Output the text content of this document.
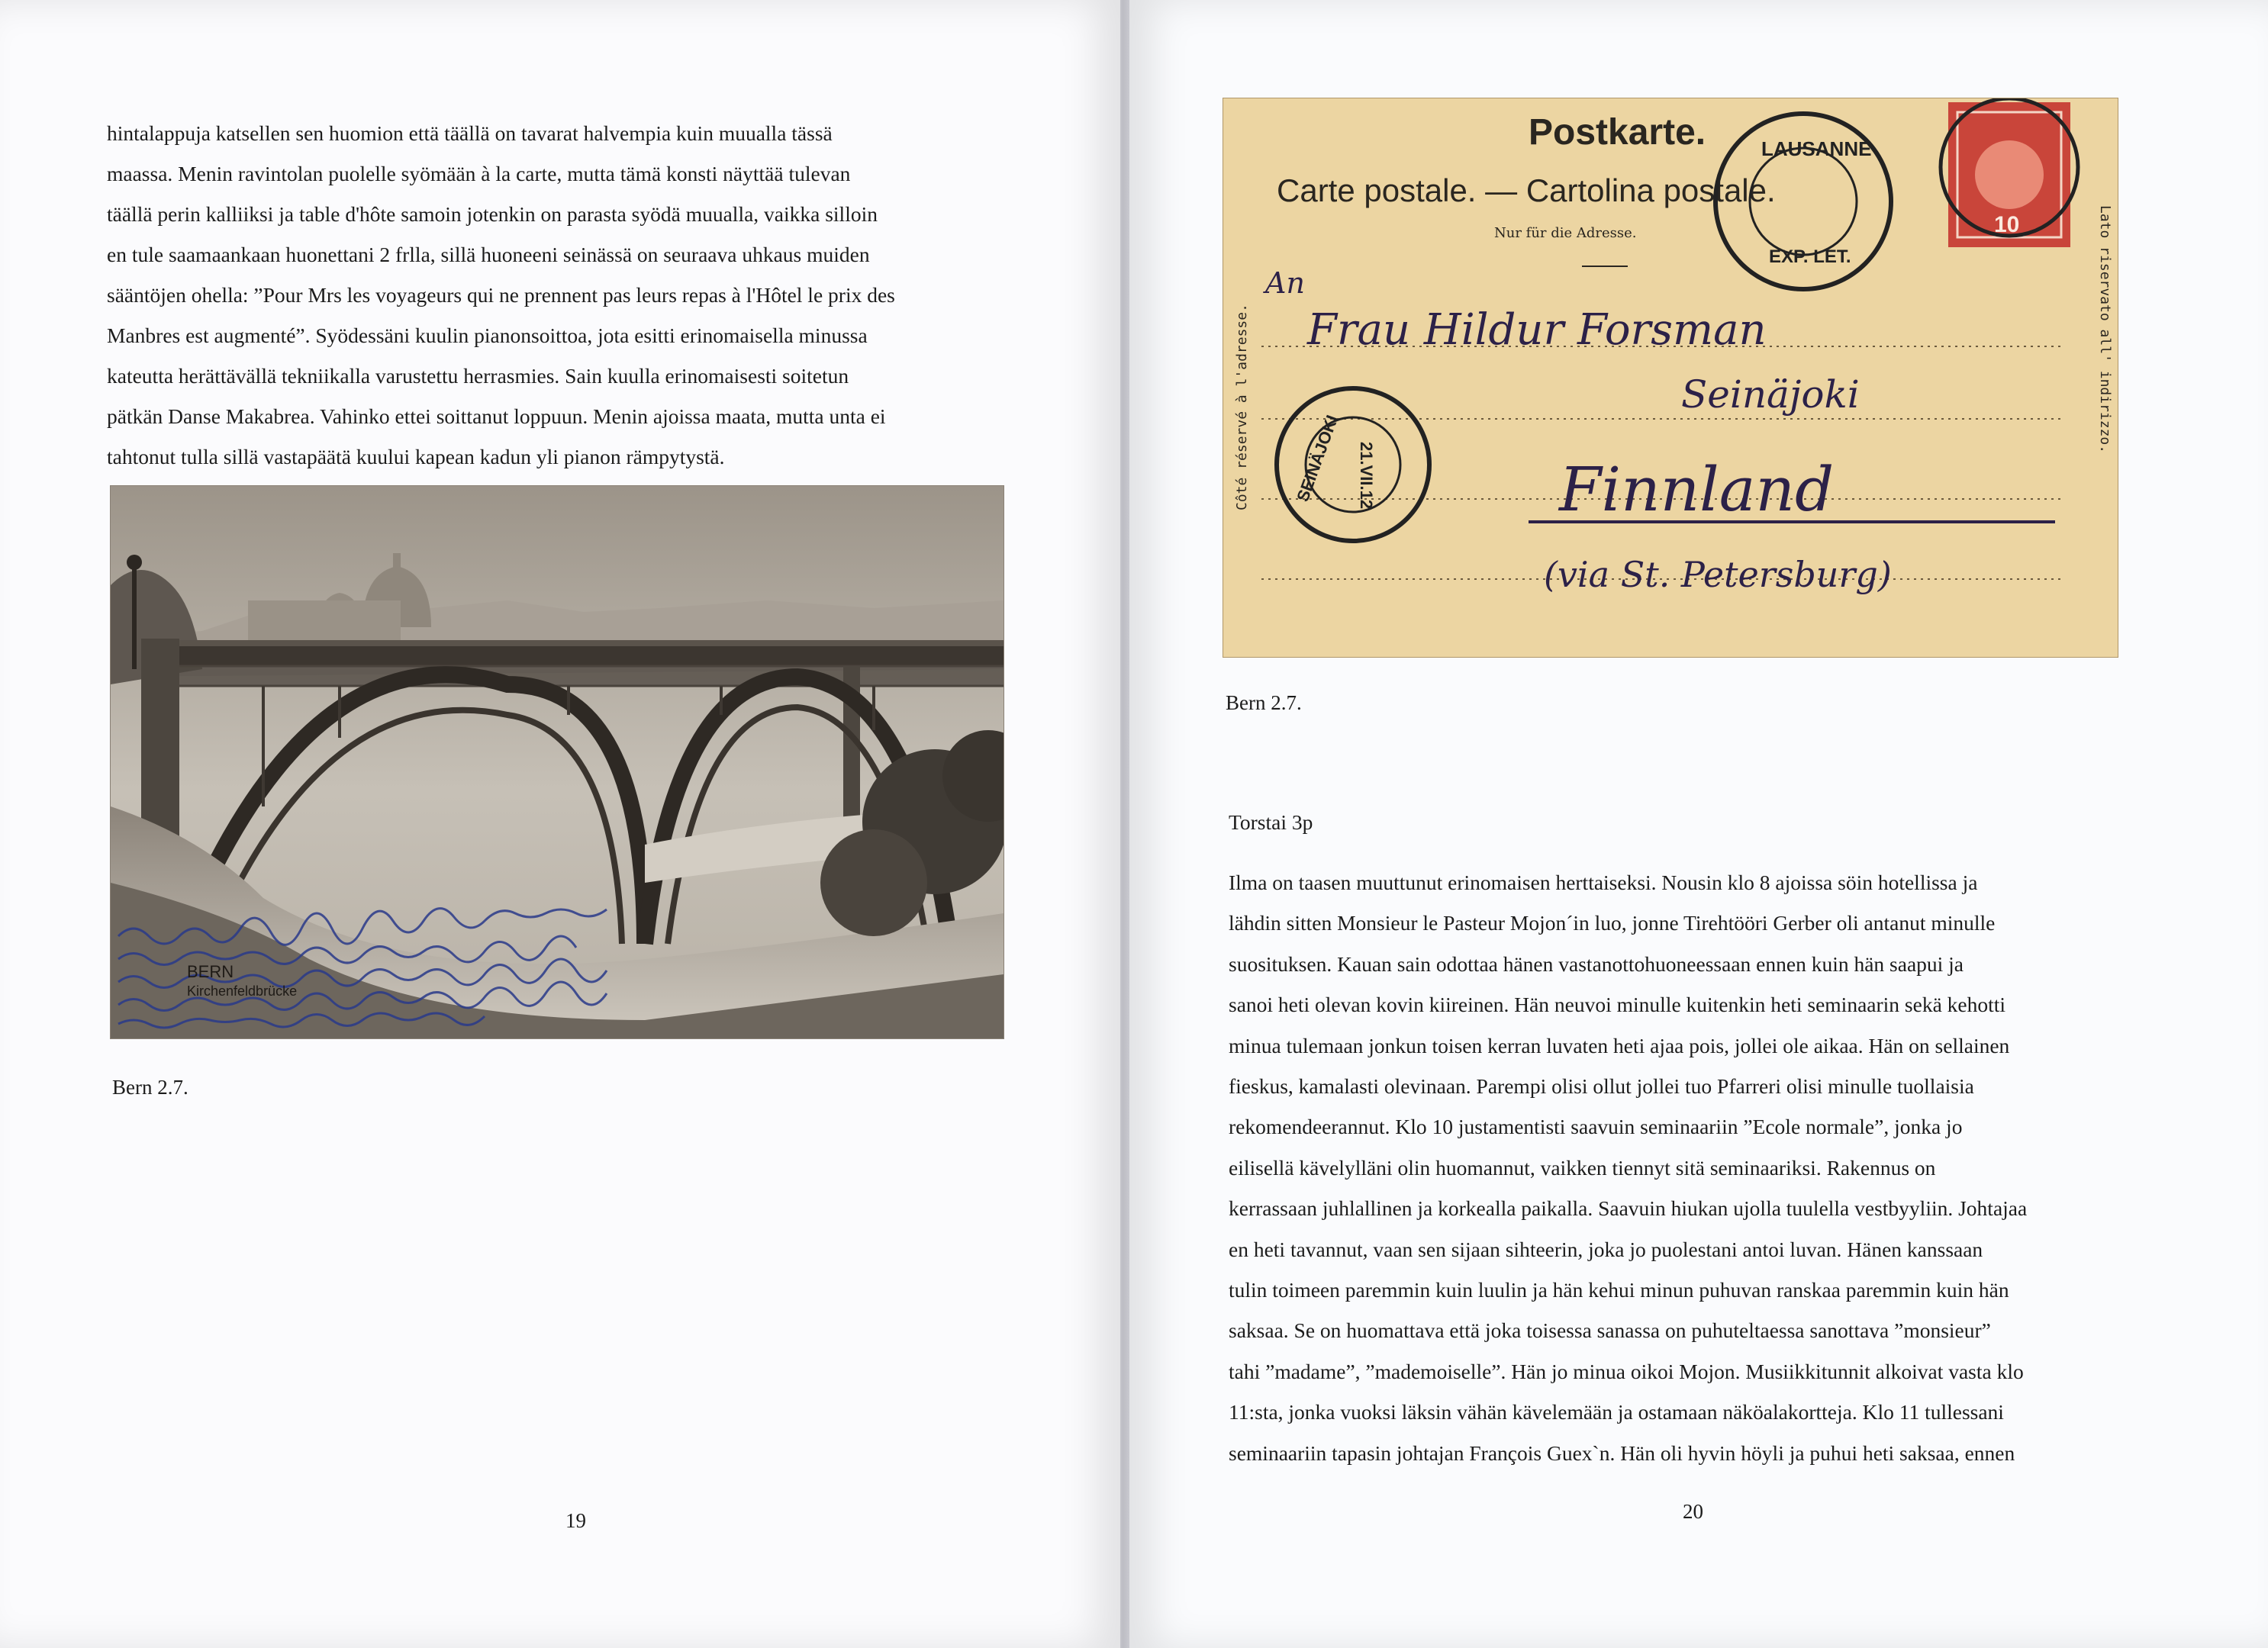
hintalappuja katsellen sen huomion että täällä on tavarat halvempia kuin muualla tässä
maassa. Menin ravintolan puolelle syömään à la carte, mutta tämä konsti näyttää tulevan
täällä perin kalliiksi ja table d'hôte samoin jotenkin on parasta syödä muualla, vaikka silloin
en tule saamaankaan huonettani 2 frlla, sillä huoneeni seinässä on seuraava uhkaus muiden
sääntöjen ohella: ”Pour Mrs les voyageurs qui ne prennent pas leurs repas à l'Hôtel le prix des
Manbres est augmenté”. Syödessäni kuulin pianonsoittoa, jota esitti erinomaisella minussa
kateutta herättävällä tekniikalla varustettu herrasmies. Sain kuulla erinomaisesti soitetun
pätkän Danse Makabrea. Vahinko ettei soittanut loppuun. Menin ajoissa maata, mutta unta ei
tahtonut tulla sillä vastapäätä kuului kapean kadun yli pianon rämpytystä.
BERN
Kirchenfeldbrücke
Bern 2.7.
19
Postkarte.
Carte postale. — Cartolina postale.
Nur für die Adresse.
Côté réservé à l'adresse.	Lato riservato all' indirizzo.
LAUSANNE
EXP. LET.
10
SEINÄJOKI 21.VII.12
An
Frau Hildur Forsman
Seinäjoki
Finnland
(via St. Petersburg)
Bern 2.7.
Torstai 3p
Ilma on taasen muuttunut erinomaisen herttaiseksi. Nousin klo 8 ajoissa söin hotellissa ja
lähdin sitten Monsieur le Pasteur Mojon´in luo, jonne Tirehtööri Gerber oli antanut minulle
suosituksen. Kauan sain odottaa hänen vastanottohuoneessaan ennen kuin hän saapui ja
sanoi heti olevan kovin kiireinen. Hän neuvoi minulle kuitenkin heti seminaarin sekä kehotti
minua tulemaan jonkun toisen kerran luvaten heti ajaa pois, jollei ole aikaa. Hän on sellainen
fieskus, kamalasti olevinaan. Parempi olisi ollut jollei tuo Pfarreri olisi minulle tuollaisia
rekomendeerannut. Klo 10 justamentisti saavuin seminaariin ”Ecole normale”, jonka jo
eilisellä kävelylläni olin huomannut, vaikken tiennyt sitä seminaariksi. Rakennus on
kerrassaan juhlallinen ja korkealla paikalla. Saavuin hiukan ujolla tuulella vestbyyliin. Johtajaa
en heti tavannut, vaan sen sijaan sihteerin, joka jo puolestani antoi luvan. Hänen kanssaan
tulin toimeen paremmin kuin luulin ja hän kehui minun puhuvan ranskaa paremmin kuin hän
saksaa. Se on huomattava että joka toisessa sanassa on puhuteltaessa sanottava ”monsieur”
tahi ”madame”, ”mademoiselle”. Hän jo minua oikoi Mojon. Musiikkitunnit alkoivat vasta klo
11:sta, jonka vuoksi läksin vähän kävelemään ja ostamaan näköalakortteja. Klo 11 tullessani
seminaariin tapasin johtajan François Guex`n. Hän oli hyvin höyli ja puhui heti saksaa, ennen
20
